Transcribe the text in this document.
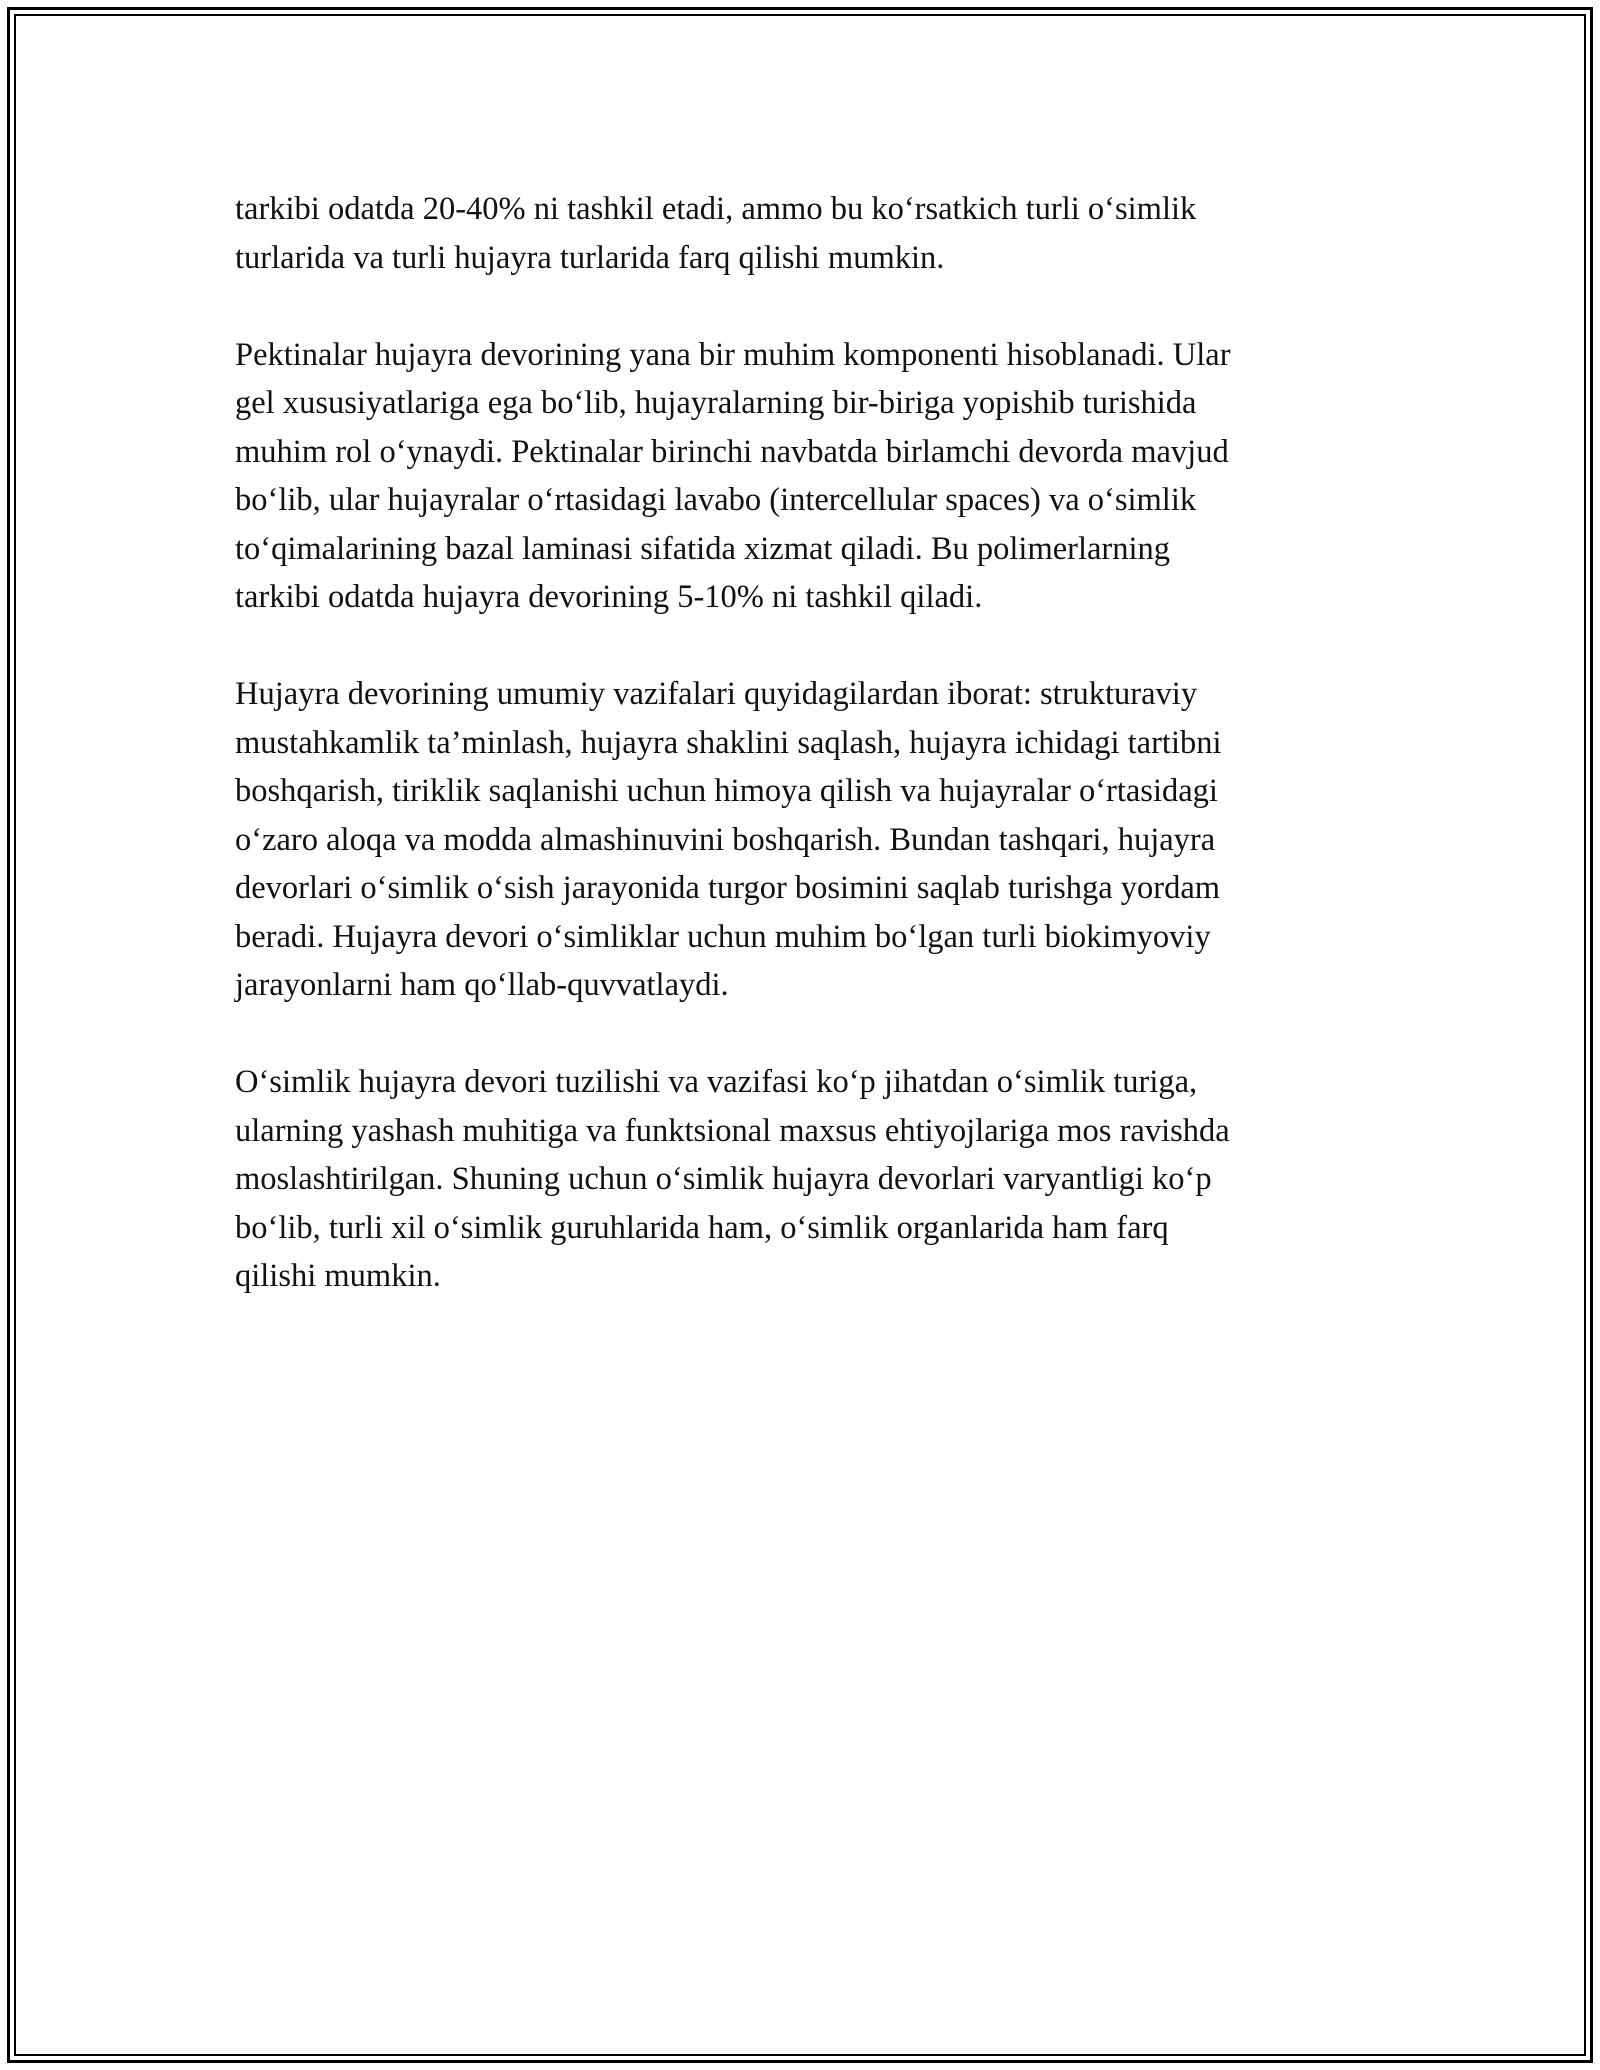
tarkibi odatda 20-40% ni tashkil etadi, ammo bu koʻrsatkich turli oʻsimlik
turlarida va turli hujayra turlarida farq qilishi mumkin.

Pektinalar hujayra devorining yana bir muhim komponenti hisoblanadi. Ular
gel xususiyatlariga ega boʻlib, hujayralarning bir-biriga yopishib turishida
muhim rol oʻynaydi. Pektinalar birinchi navbatda birlamchi devorda mavjud
boʻlib, ular hujayralar oʻrtasidagi lavabo (intercellular spaces) va oʻsimlik
toʻqimalarining bazal laminasi sifatida xizmat qiladi. Bu polimerlarning
tarkibi odatda hujayra devorining 5-10% ni tashkil qiladi.

Hujayra devorining umumiy vazifalari quyidagilardan iborat: strukturaviy
mustahkamlik ta’minlash, hujayra shaklini saqlash, hujayra ichidagi tartibni
boshqarish, tiriklik saqlanishi uchun himoya qilish va hujayralar oʻrtasidagi
oʻzaro aloqa va modda almashinuvini boshqarish. Bundan tashqari, hujayra
devorlari oʻsimlik oʻsish jarayonida turgor bosimini saqlab turishga yordam
beradi. Hujayra devori oʻsimliklar uchun muhim boʻlgan turli biokimyoviy
jarayonlarni ham qoʻllab-quvvatlaydi.

Oʻsimlik hujayra devori tuzilishi va vazifasi koʻp jihatdan oʻsimlik turiga,
ularning yashash muhitiga va funktsional maxsus ehtiyojlariga mos ravishda
moslashtirilgan. Shuning uchun oʻsimlik hujayra devorlari varyantligi koʻp
boʻlib, turli xil oʻsimlik guruhlarida ham, oʻsimlik organlarida ham farq
qilishi mumkin.
